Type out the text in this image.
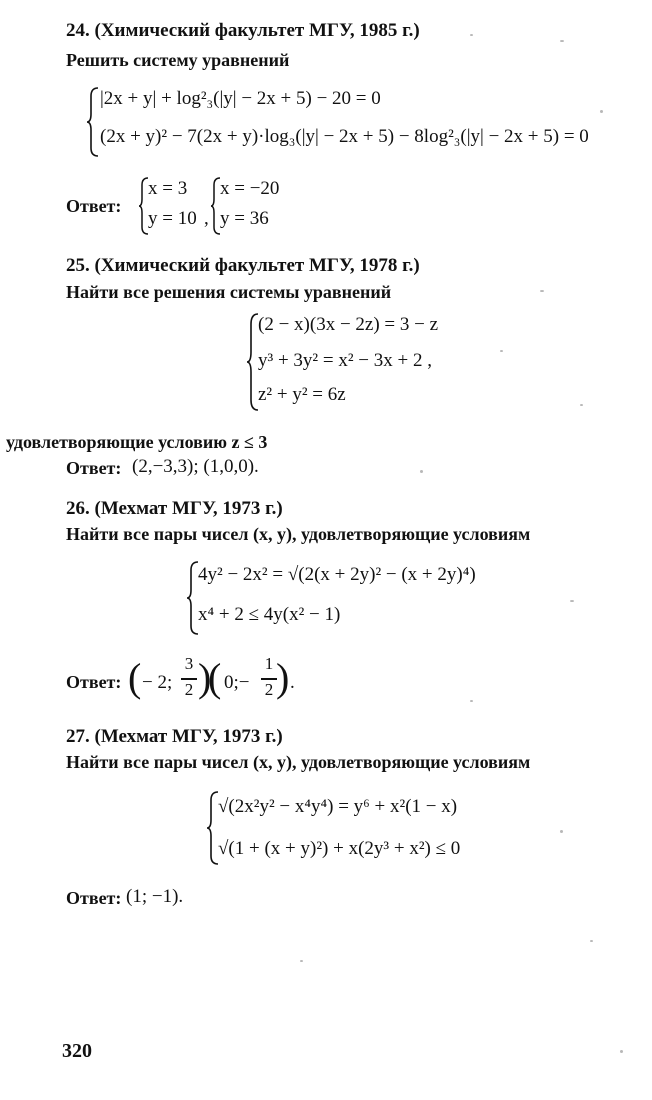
24. (Химический факультет МГУ, 1985 г.)
Решить систему уравнений
|2x + y| + log²₃(|y| − 2x + 5) − 20 = 0
(2x + y)² − 7(2x + y)·log₃(|y| − 2x + 5) − 8log²₃(|y| − 2x + 5) = 0
Ответ:
x = 3
y = 10 ,
x = −20
y = 36
25. (Химический факультет МГУ, 1978 г.)
Найти все решения системы уравнений
(2 − x)(3x − 2z) = 3 − z
y³ + 3y² = x² − 3x + 2 ,
z² + y² = 6z
удовлетворяющие условию z ≤ 3
Ответ: (2,−3,3); (1,0,0).
26. (Мехмат МГУ, 1973 г.)
Найти все пары чисел (x, y), удовлетворяющие условиям
4y² − 2x² = √(2(x + 2y)² − (x + 2y)⁴)
x⁴ + 2 ≤ 4y(x² − 1)
Ответ: ( − 2;
3
2 )
( 0;−
1
2 ) .
27. (Мехмат МГУ, 1973 г.)
Найти все пары чисел (x, y), удовлетворяющие условиям
√(2x²y² − x⁴y⁴) = y⁶ + x²(1 − x)
√(1 + (x + y)²) + x(2y³ + x²) ≤ 0
Ответ: (1; −1).
320
